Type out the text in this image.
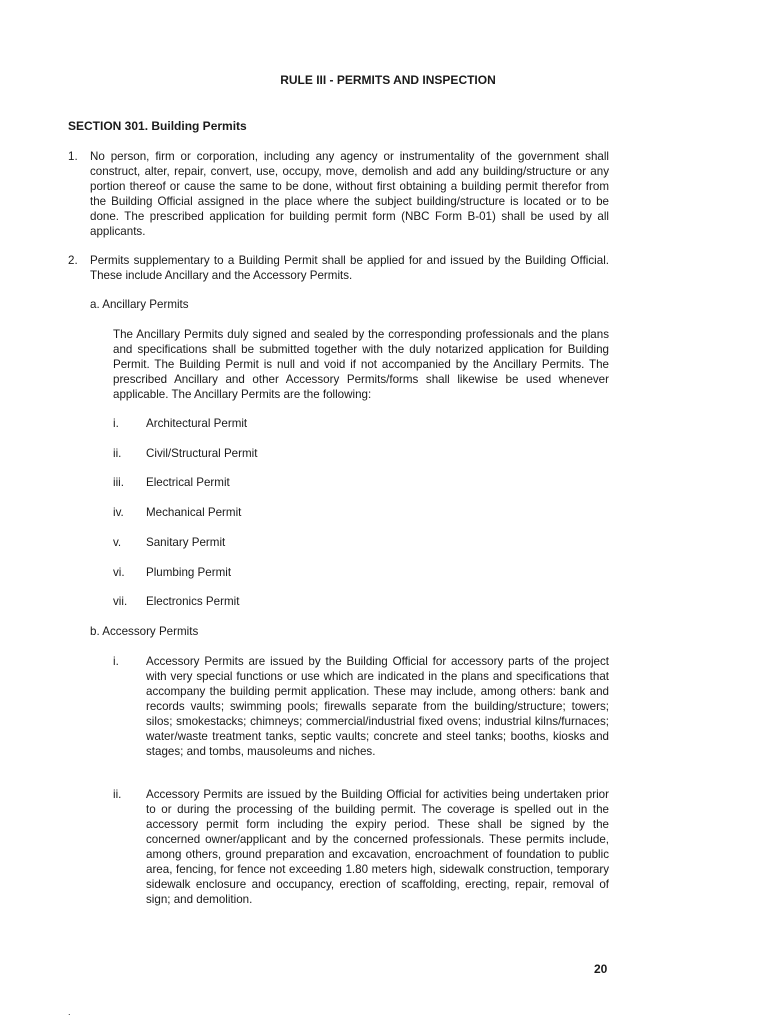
RULE III - PERMITS AND INSPECTION
SECTION 301. Building Permits
1.	No person, firm or corporation, including any agency or instrumentality of the government shall construct, alter, repair, convert, use, occupy, move, demolish and add any building/structure or any portion thereof or cause the same to be done, without first obtaining a building permit therefor from the Building Official assigned in the place where the subject building/structure is located or to be done. The prescribed application for building permit form (NBC Form B-01) shall be used by all applicants.
2.	Permits supplementary to a Building Permit shall be applied for and issued by the Building Official. These include Ancillary and the Accessory Permits.
a. Ancillary Permits
The Ancillary Permits duly signed and sealed by the corresponding professionals and the plans and specifications shall be submitted together with the duly notarized application for Building Permit. The Building Permit is null and void if not accompanied by the Ancillary Permits. The prescribed Ancillary and other Accessory Permits/forms shall likewise be used whenever applicable. The Ancillary Permits are the following:
i.	Architectural Permit
ii.	Civil/Structural Permit
iii.	Electrical Permit
iv.	Mechanical Permit
v.	Sanitary Permit
vi.	Plumbing Permit
vii.	Electronics Permit
b. Accessory Permits
i.	Accessory Permits are issued by the Building Official for accessory parts of the project with very special functions or use which are indicated in the plans and specifications that accompany the building permit application. These may include, among others: bank and records vaults; swimming pools; firewalls separate from the building/structure; towers; silos; smokestacks; chimneys; commercial/industrial fixed ovens; industrial kilns/furnaces; water/waste treatment tanks, septic vaults; concrete and steel tanks; booths, kiosks and stages; and tombs, mausoleums and niches.
ii.	Accessory Permits are issued by the Building Official for activities being undertaken prior to or during the processing of the building permit. The coverage is spelled out in the accessory permit form including the expiry period. These shall be signed by the concerned owner/applicant and by the concerned professionals. These permits include, among others, ground preparation and excavation, encroachment of foundation to public area, fencing, for fence not exceeding 1.80 meters high, sidewalk construction, temporary sidewalk enclosure and occupancy, erection of scaffolding, erecting, repair, removal of sign; and demolition.
20
.
